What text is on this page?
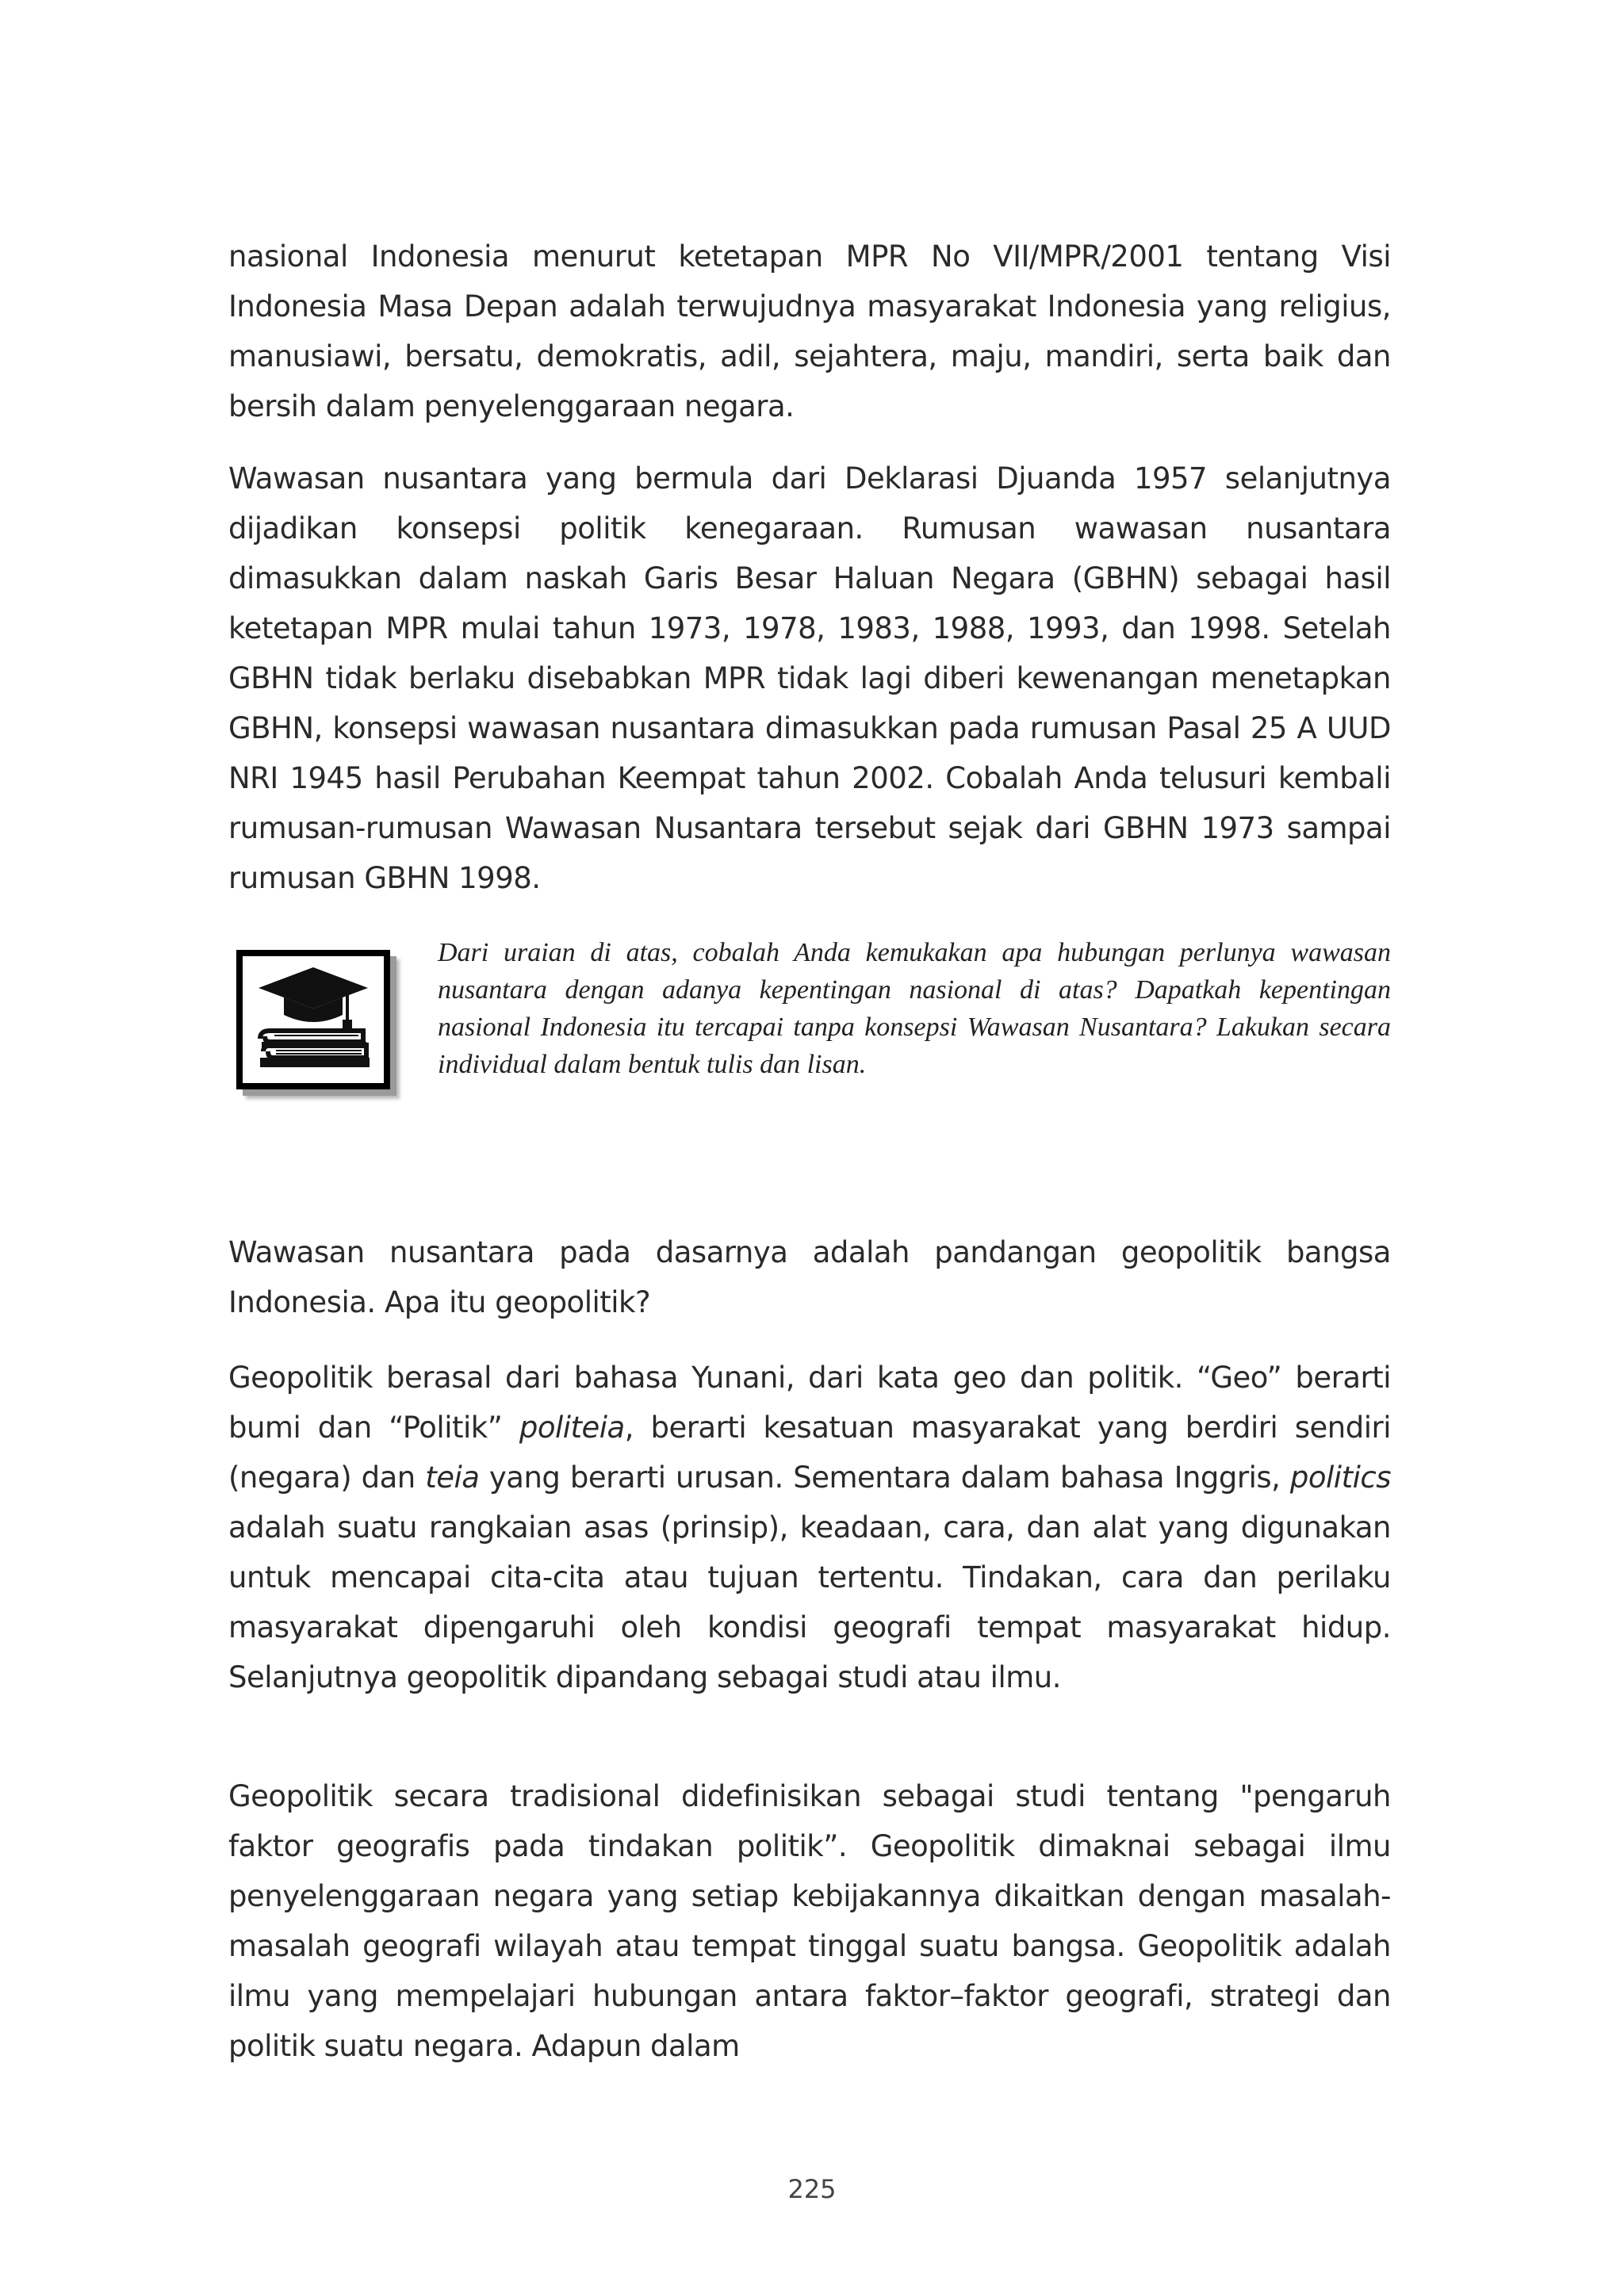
nasional Indonesia menurut ketetapan MPR No VII/MPR/2001 tentang Visi Indonesia Masa Depan adalah terwujudnya masyarakat Indonesia yang religius, manusiawi, bersatu, demokratis, adil, sejahtera, maju, mandiri, serta baik dan bersih dalam penyelenggaraan negara.

Wawasan nusantara yang bermula dari Deklarasi Djuanda 1957 selanjutnya dijadikan konsepsi politik kenegaraan. Rumusan wawasan nusantara dimasukkan dalam naskah Garis Besar Haluan Negara (GBHN) sebagai hasil ketetapan MPR mulai tahun 1973, 1978, 1983, 1988, 1993, dan 1998. Setelah GBHN tidak berlaku disebabkan MPR tidak lagi diberi kewenangan menetapkan GBHN, konsepsi wawasan nusantara dimasukkan pada rumusan Pasal 25 A UUD NRI 1945 hasil Perubahan Keempat tahun 2002. Cobalah Anda telusuri kembali rumusan-rumusan Wawasan Nusantara tersebut sejak dari GBHN 1973 sampai rumusan GBHN 1998.

Dari uraian di atas, cobalah Anda kemukakan apa hubungan perlunya wawasan nusantara dengan adanya kepentingan nasional di atas? Dapatkah kepentingan nasional Indonesia itu tercapai tanpa konsepsi Wawasan Nusantara? Lakukan secara individual dalam bentuk tulis dan lisan.

Wawasan nusantara pada dasarnya adalah pandangan geopolitik bangsa Indonesia. Apa itu geopolitik?

Geopolitik berasal dari bahasa Yunani, dari kata geo dan politik. “Geo” berarti bumi dan “Politik” politeia, berarti kesatuan masyarakat yang berdiri sendiri (negara) dan teia yang berarti urusan. Sementara dalam bahasa Inggris, politics adalah suatu rangkaian asas (prinsip), keadaan, cara, dan alat yang digunakan untuk mencapai cita-cita atau tujuan tertentu. Tindakan, cara dan perilaku masyarakat dipengaruhi oleh kondisi geografi tempat masyarakat hidup. Selanjutnya geopolitik dipandang sebagai studi atau ilmu.

Geopolitik secara tradisional didefinisikan sebagai studi tentang "pengaruh faktor geografis pada tindakan politik”. Geopolitik dimaknai sebagai ilmu penyelenggaraan negara yang setiap kebijakannya dikaitkan dengan masalah-masalah geografi wilayah atau tempat tinggal suatu bangsa. Geopolitik adalah ilmu yang mempelajari hubungan antara faktor–faktor geografi, strategi dan politik suatu negara. Adapun dalam

225
